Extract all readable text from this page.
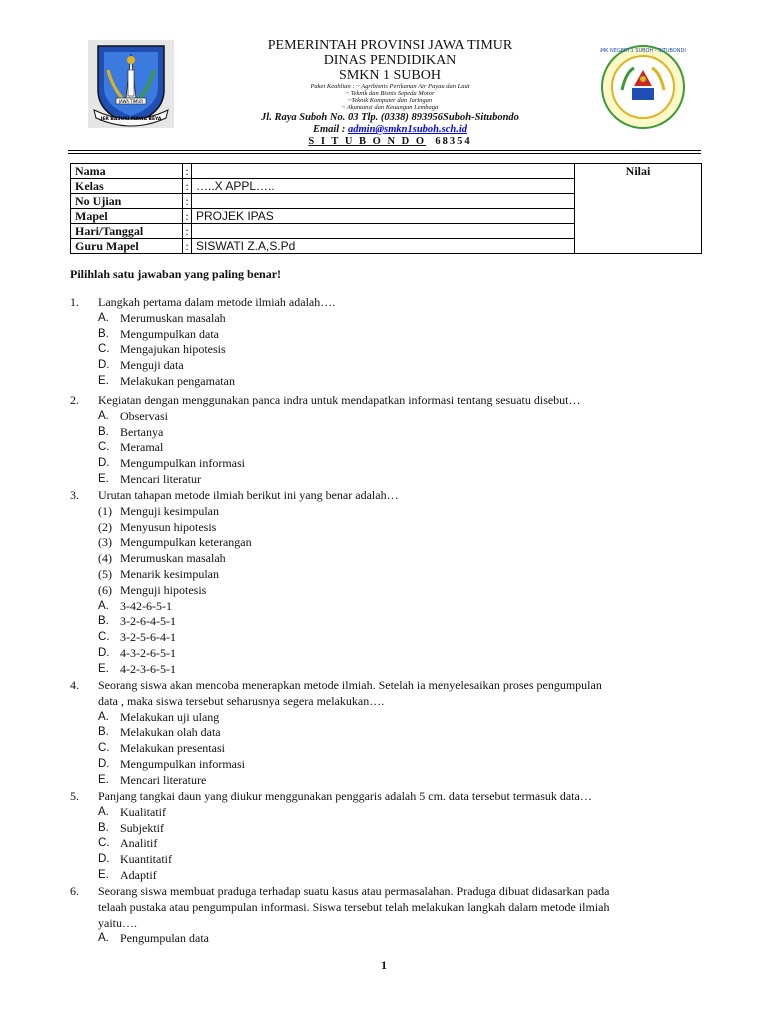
JER BASUKI MAWA BEYA
JAWA TIMUR
SMK NEGERI 1 SUBOH - SITUBONDO
PEMERINTAH PROVINSI JAWA TIMUR
DINAS PENDIDIKAN
SMKN 1 SUBOH
Paket Keahlian : ~ Agribisnis Perikanan Air Payau dan Laut
~ Teknik dan Bisnis Sepeda Motor
~Teknik Komputer dan Jaringan
~ Akuntansi dan Keuangan Lembaga
Jl. Raya Suboh No. 03 Tlp. (0338) 893956Suboh-Situbondo
Email : admin@smkn1suboh.sch.id
S I T U B O N D O 68354
Nama	:		Nilai
Kelas	:	…..X APPL…..	
No Ujian	:		
Mapel	:	PROJEK IPAS	
Hari/Tanggal	:		
Guru Mapel	:	SISWATI Z.A,S.Pd	
Pilihlah satu jawaban yang paling benar!
1. Langkah pertama dalam metode ilmiah adalah….
A. Merumuskan masalah
B. Mengumpulkan data
C. Mengajukan hipotesis
D. Menguji data
E. Melakukan pengamatan
2. Kegiatan dengan menggunakan panca indra untuk mendapatkan informasi tentang sesuatu disebut…
A. Observasi
B. Bertanya
C. Meramal
D. Mengumpulkan informasi
E. Mencari literatur
3. Urutan tahapan metode ilmiah berikut ini yang benar adalah…
(1) Menguji kesimpulan
(2) Menyusun hipotesis
(3) Mengumpulkan keterangan
(4) Merumuskan masalah
(5) Menarik kesimpulan
(6) Menguji hipotesis
A. 3-42-6-5-1
B. 3-2-6-4-5-1
C. 3-2-5-6-4-1
D. 4-3-2-6-5-1
E. 4-2-3-6-5-1
4. Seorang siswa akan mencoba menerapkan metode ilmiah. Setelah ia menyelesaikan proses pengumpulan
data , maka siswa tersebut seharusnya segera melakukan….
A. Melakukan uji ulang
B. Melakukan olah data
C. Melakukan presentasi
D. Mengumpulkan informasi
E. Mencari literature
5. Panjang tangkai daun yang diukur menggunakan penggaris adalah 5 cm. data tersebut termasuk data…
A. Kualitatif
B. Subjektif
C. Analitif
D. Kuantitatif
E. Adaptif
6. Seorang siswa membuat praduga terhadap suatu kasus atau permasalahan. Praduga dibuat didasarkan pada
telaah pustaka atau pengumpulan informasi. Siswa tersebut telah melakukan langkah dalam metode ilmiah
yaitu….
A. Pengumpulan data
1
